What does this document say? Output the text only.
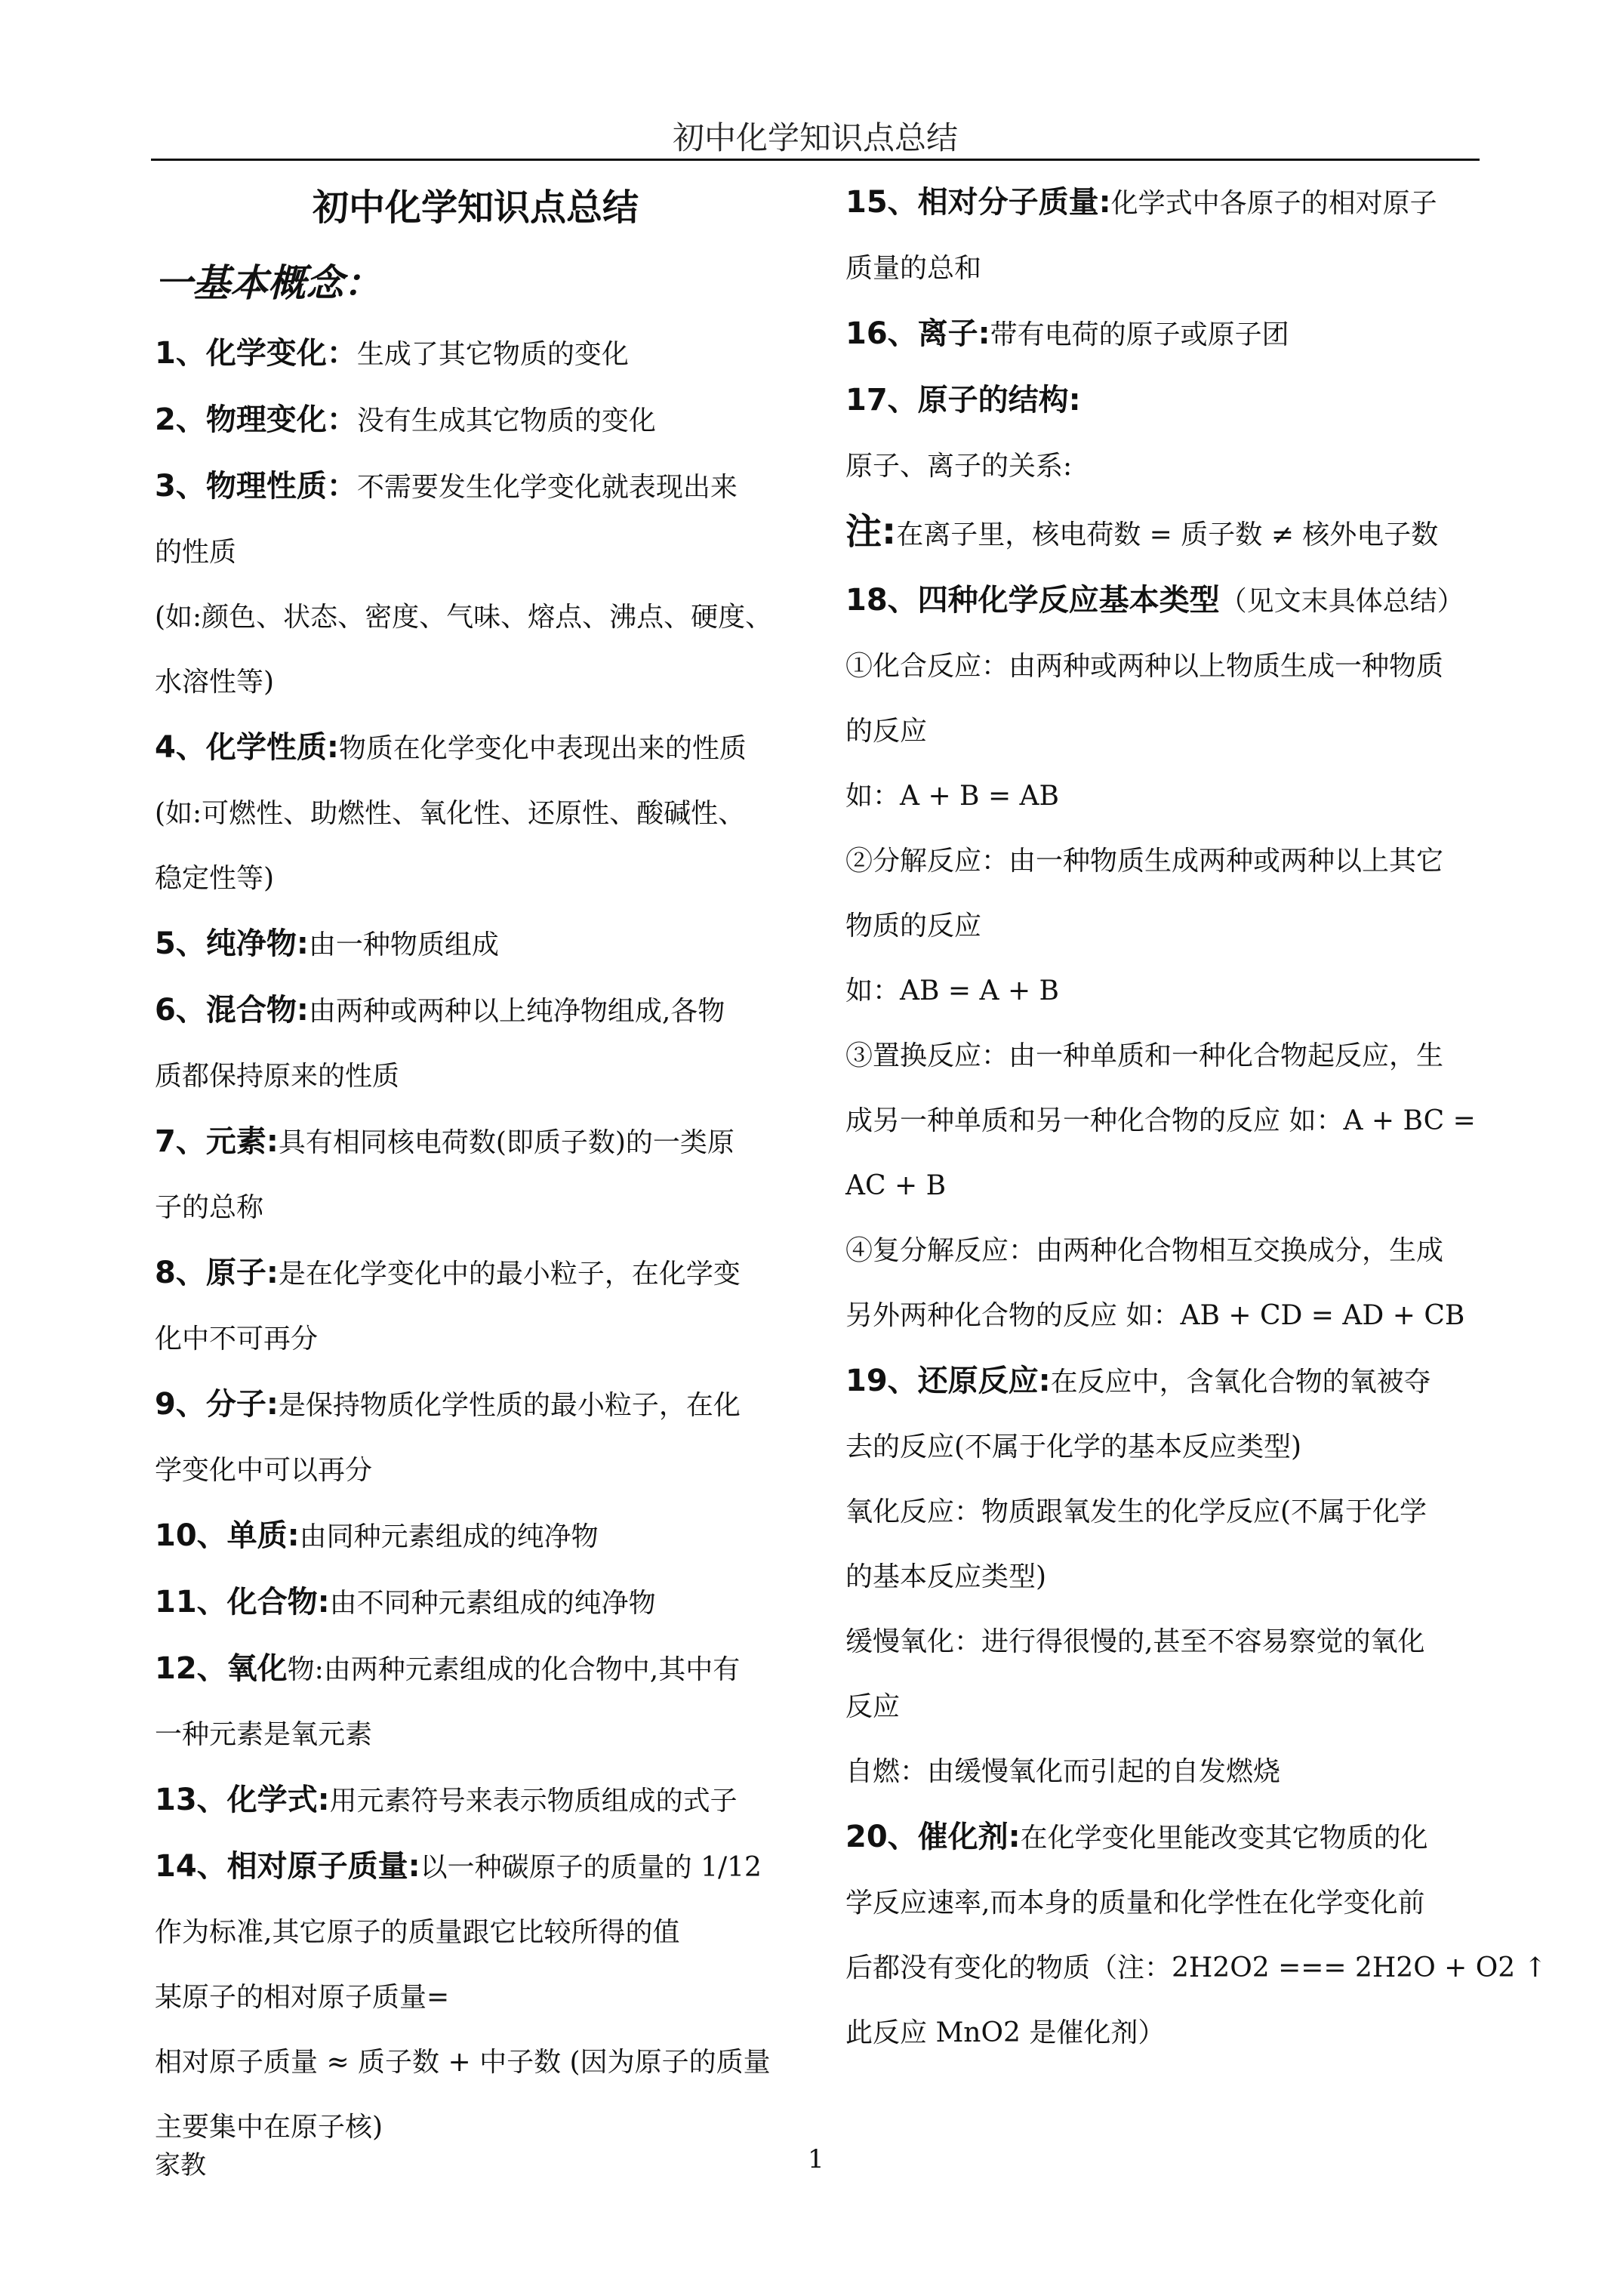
初中化学知识点总结

初中化学知识点总结

一基本概念：

1、化学变化：生成了其它物质的变化

2、物理变化：没有生成其它物质的变化

3、物理性质：不需要发生化学变化就表现出来

的性质

(如:颜色、状态、密度、气味、熔点、沸点、硬度、

水溶性等)

4、化学性质:物质在化学变化中表现出来的性质

(如:可燃性、助燃性、氧化性、还原性、酸碱性、

稳定性等)

5、纯净物:由一种物质组成

6、混合物:由两种或两种以上纯净物组成,各物

质都保持原来的性质

7、元素:具有相同核电荷数(即质子数)的一类原

子的总称

8、原子:是在化学变化中的最小粒子，在化学变

化中不可再分

9、分子:是保持物质化学性质的最小粒子，在化

学变化中可以再分

10、单质:由同种元素组成的纯净物

11、化合物:由不同种元素组成的纯净物

12、氧化物:由两种元素组成的化合物中,其中有

一种元素是氧元素

13、化学式:用元素符号来表示物质组成的式子

14、相对原子质量:以一种碳原子的质量的 1/12

作为标准,其它原子的质量跟它比较所得的值

某原子的相对原子质量=

相对原子质量 ≈ 质子数 + 中子数 (因为原子的质量

主要集中在原子核)

15、相对分子质量:化学式中各原子的相对原子

质量的总和

16、离子:带有电荷的原子或原子团

17、原子的结构:

原子、离子的关系:

注:在离子里，核电荷数 = 质子数 ≠ 核外电子数

18、四种化学反应基本类型（见文末具体总结）

①化合反应：由两种或两种以上物质生成一种物质

的反应

如：A + B = AB

②分解反应：由一种物质生成两种或两种以上其它

物质的反应

如：AB = A + B

③置换反应：由一种单质和一种化合物起反应，生

成另一种单质和另一种化合物的反应 如：A + BC =

AC + B

④复分解反应：由两种化合物相互交换成分，生成

另外两种化合物的反应 如：AB + CD = AD + CB

19、还原反应:在反应中，含氧化合物的氧被夺

去的反应(不属于化学的基本反应类型)

氧化反应：物质跟氧发生的化学反应(不属于化学

的基本反应类型)

缓慢氧化：进行得很慢的,甚至不容易察觉的氧化

反应

自燃：由缓慢氧化而引起的自发燃烧

20、催化剂:在化学变化里能改变其它物质的化

学反应速率,而本身的质量和化学性在化学变化前

后都没有变化的物质（注：2H2O2 === 2H2O + O2 ↑

此反应 MnO2 是催化剂）

家教	1
